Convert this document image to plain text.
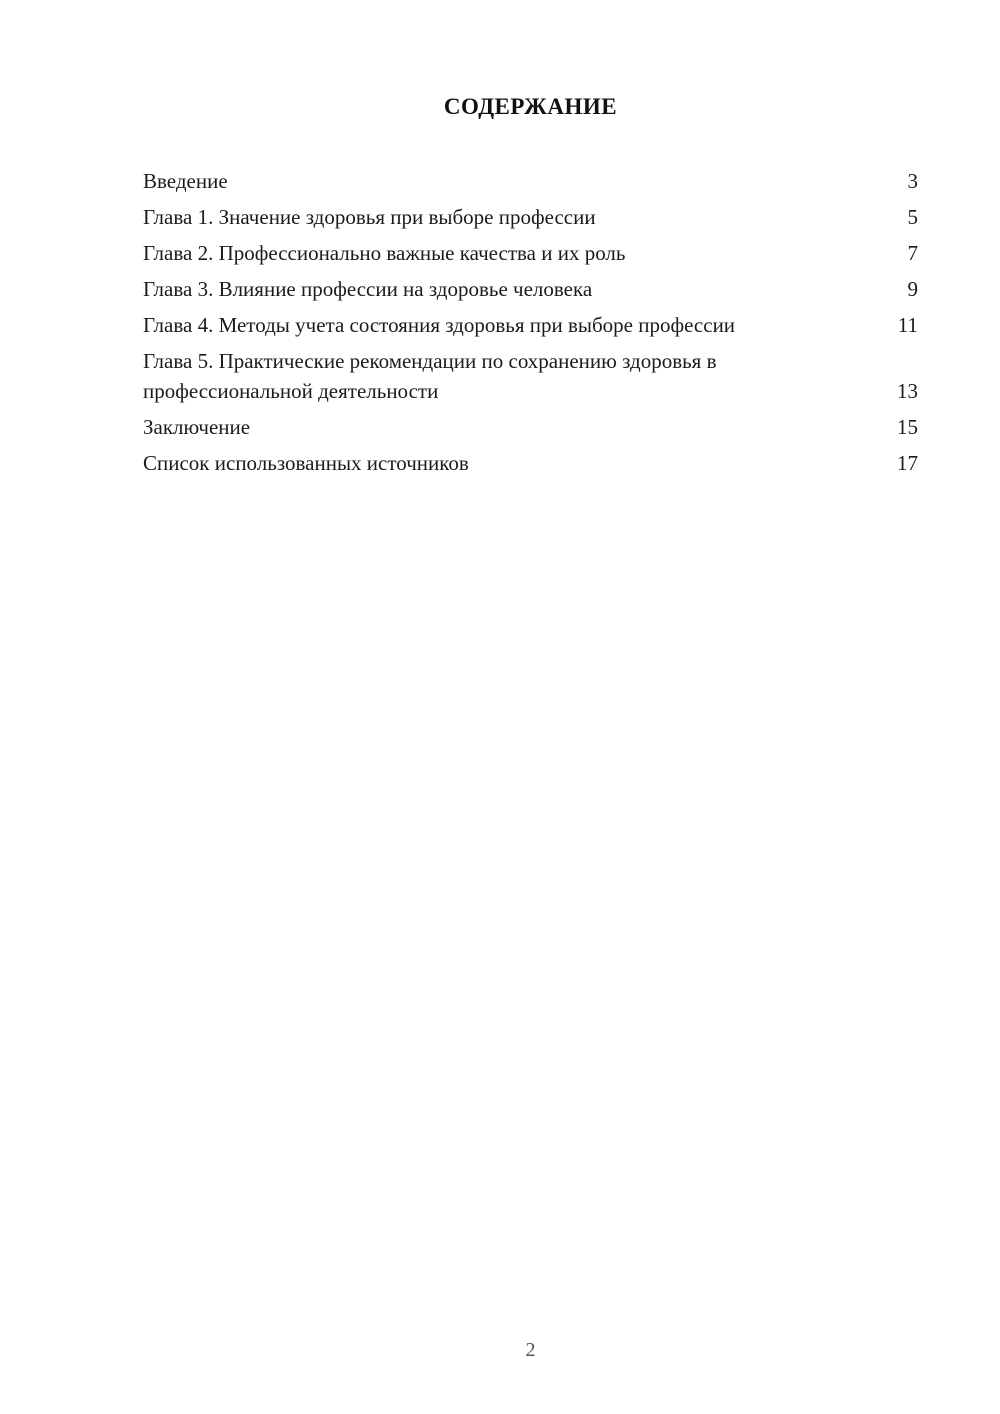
СОДЕРЖАНИЕ
Введение	3
Глава 1. Значение здоровья при выборе профессии	5
Глава 2. Профессионально важные качества и их роль	7
Глава 3. Влияние профессии на здоровье человека	9
Глава 4. Методы учета состояния здоровья при выборе профессии	11
Глава 5. Практические рекомендации по сохранению здоровья в профессиональной деятельности	13
Заключение	15
Список использованных источников	17
2
